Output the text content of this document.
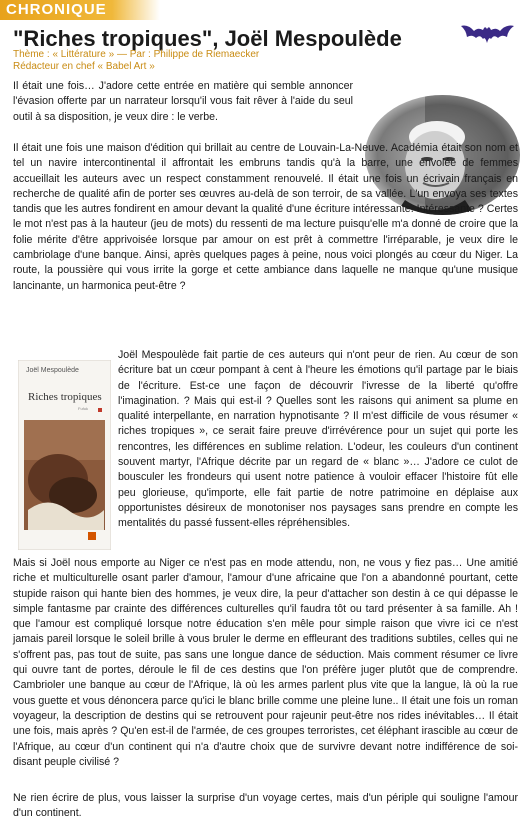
CHRONIQUE
"Riches tropiques", Joël Mespoulède
Thème : « Littérature » — Par : Philippe de Riemaecker
Rédacteur en chef « Babel Art »
Joël Mespoulède
Riches tropiques
Fufuk

Il était une fois… J'adore cette entrée en matière qui semble annoncer l'évasion offerte par un narrateur lorsqu'il vous fait rêver à l'aide du seul outil à sa disposition, je veux dire : le verbe.

Il était une fois une maison d'édition qui brillait au centre de Louvain-La-Neuve. Académia était son nom et tel un navire intercontinental il affrontait les embruns tandis qu'à la barre, une envolée de femmes accueillait les auteurs avec un respect constamment renouvelé. Il était une fois un écrivain français en recherche de qualité afin de porter ses œuvres au-delà de son terroir, de sa vallée. L'un envoya ses textes tandis que les autres fondirent en amour devant la qualité d'une écriture intéressante. Intéressante ? Certes le mot n'est pas à la hauteur (jeu de mots) du ressenti de ma lecture puisqu'elle m'a donné de croire que la folie mérite d'être apprivoisée lorsque par amour on est prêt à commettre l'irréparable, je veux dire le cambriolage d'une banque. Ainsi, après quelques pages à peine, nous voici plongés au cœur du Niger. La route, la poussière qui vous irrite la gorge et cette ambiance dans laquelle ne manque qu'une musique lancinante, un harmonica peut-être ?

Joël Mespoulède fait partie de ces auteurs qui n'ont peur de rien. Au cœur de son écriture bat un cœur pompant à cent à l'heure les émotions qu'il partage par le biais de l'écriture. Est-ce une façon de découvrir l'ivresse de la liberté qu'offre l'imagination. ? Mais qui est-il ? Quelles sont les raisons qui animent sa plume en qualité interpellante, en narration hypnotisante ? Il m'est difficile de vous résumer « riches tropiques », ce serait faire preuve d'irrévérence pour un sujet qui porte les rencontres, les différences en sublime relation. L'odeur, les couleurs d'un continent souvent martyr, l'Afrique décrite par un regard de « blanc »… J'adore ce culot de bousculer les frondeurs qui usent notre patience à vouloir effacer l'histoire fût elle peu glorieuse, qu'importe, elle fait partie de notre patrimoine en déplaise aux opportunistes désireux de monotoniser nos paysages sans prendre en compte les mentalités du passé fussent-elles répréhensibles.

Mais si Joël nous emporte au Niger ce n'est pas en mode attendu, non, ne vous y fiez pas… Une amitié riche et multiculturelle osant parler d'amour, l'amour d'une africaine que l'on a abandonné pourtant, cette stupide raison qui hante bien des hommes, je veux dire, la peur d'attacher son destin à ce qui dépasse le simple fantasme par crainte des différences culturelles qu'il faudra tôt ou tard présenter à sa famille. Ah ! que l'amour est compliqué lorsque notre éducation s'en mêle pour simple raison que vivre ici ce n'est jamais pareil lorsque le soleil brille à vous bruler le derme en effleurant des traditions subtiles, celles qui ne s'offrent pas, pas tout de suite, pas sans une longue dance de séduction. Mais comment résumer ce livre qui ouvre tant de portes, déroule le fil de ces destins que l'on préfère juger plutôt que de comprendre. Cambrioler une banque au cœur de l'Afrique, là où les armes parlent plus vite que la langue, là où la rue vous guette et vous dénoncera parce qu'ici le blanc brille comme une pleine lune.. Il était une fois un roman voyageur, la description de destins qui se retrouvent pour rajeunir peut-être nos rides inévitables… Il était une fois, mais après ? Qu'en est-il de l'armée, de ces groupes terroristes, cet éléphant irascible au cœur de l'Afrique, au cœur d'un continent qui n'a d'autre choix que de survivre devant notre indifférence de soi-disant peuple civilisé ?

Ne rien écrire de plus, vous laisser la surprise d'un voyage certes, mais d'un périple qui souligne l'amour d'un continent.
